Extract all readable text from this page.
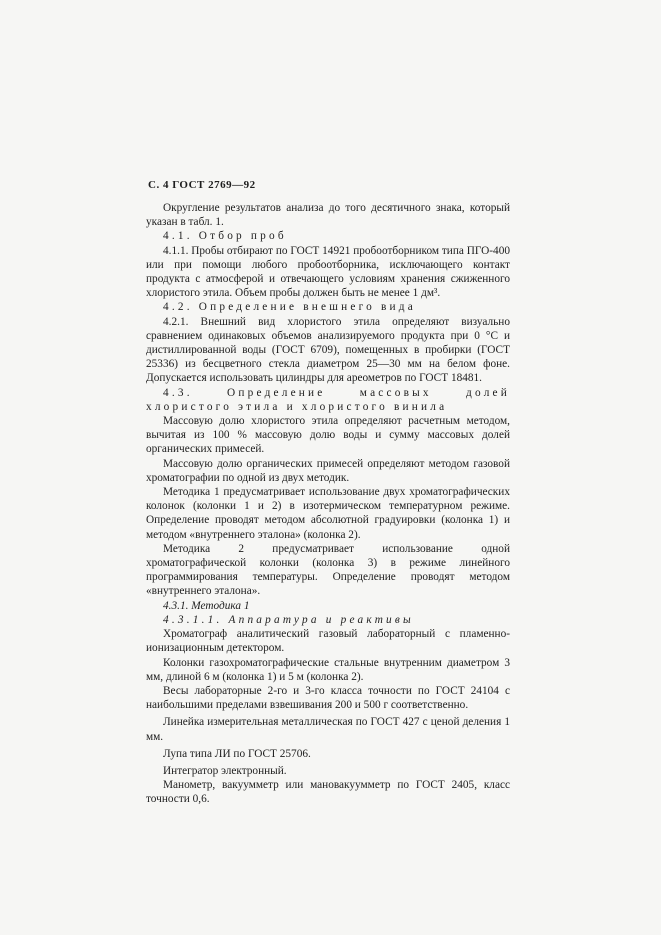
С. 4 ГОСТ 2769—92

Округление результатов анализа до того десятичного знака, который указан в табл. 1.

4.1. Отбор проб

4.1.1. Пробы отбирают по ГОСТ 14921 пробоотборником типа ПГО-400 или при помощи любого пробоотборника, исключающего контакт продукта с атмосферой и отвечающего условиям хранения сжиженного хлористого этила. Объем пробы должен быть не менее 1 дм³.

4.2. Определение внешнего вида

4.2.1. Внешний вид хлористого этила определяют визуально сравнением одинаковых объемов анализируемого продукта при 0 °С и дистиллированной воды (ГОСТ 6709), помещенных в пробирки (ГОСТ 25336) из бесцветного стекла диаметром 25—30 мм на белом фоне. Допускается использовать цилиндры для ареометров по ГОСТ 18481.

4.3. Определение массовых долей хлористого этила и хлористого винила

Массовую долю хлористого этила определяют расчетным методом, вычитая из 100 % массовую долю воды и сумму массовых долей органических примесей.

Массовую долю органических примесей определяют методом газовой хроматографии по одной из двух методик.

Методика 1 предусматривает использование двух хроматографических колонок (колонки 1 и 2) в изотермическом температурном режиме. Определение проводят методом абсолютной градуировки (колонка 1) и методом «внутреннего эталона» (колонка 2).

Методика 2 предусматривает использование одной хроматографической колонки (колонка 3) в режиме линейного программирования температуры. Определение проводят методом «внутреннего эталона».

4.3.1. Методика 1

4.3.1.1. Аппаратура и реактивы

Хроматограф аналитический газовый лабораторный с пламенно-ионизационным детектором.

Колонки газохроматографические стальные внутренним диаметром 3 мм, длиной 6 м (колонка 1) и 5 м (колонка 2).

Весы лабораторные 2-го и 3-го класса точности по ГОСТ 24104 с наибольшими пределами взвешивания 200 и 500 г соответственно.

Линейка измерительная металлическая по ГОСТ 427 с ценой деления 1 мм.

Лупа типа ЛИ по ГОСТ 25706.

Интегратор электронный.

Манометр, вакуумметр или мановакуумметр по ГОСТ 2405, класс точности 0,6.
